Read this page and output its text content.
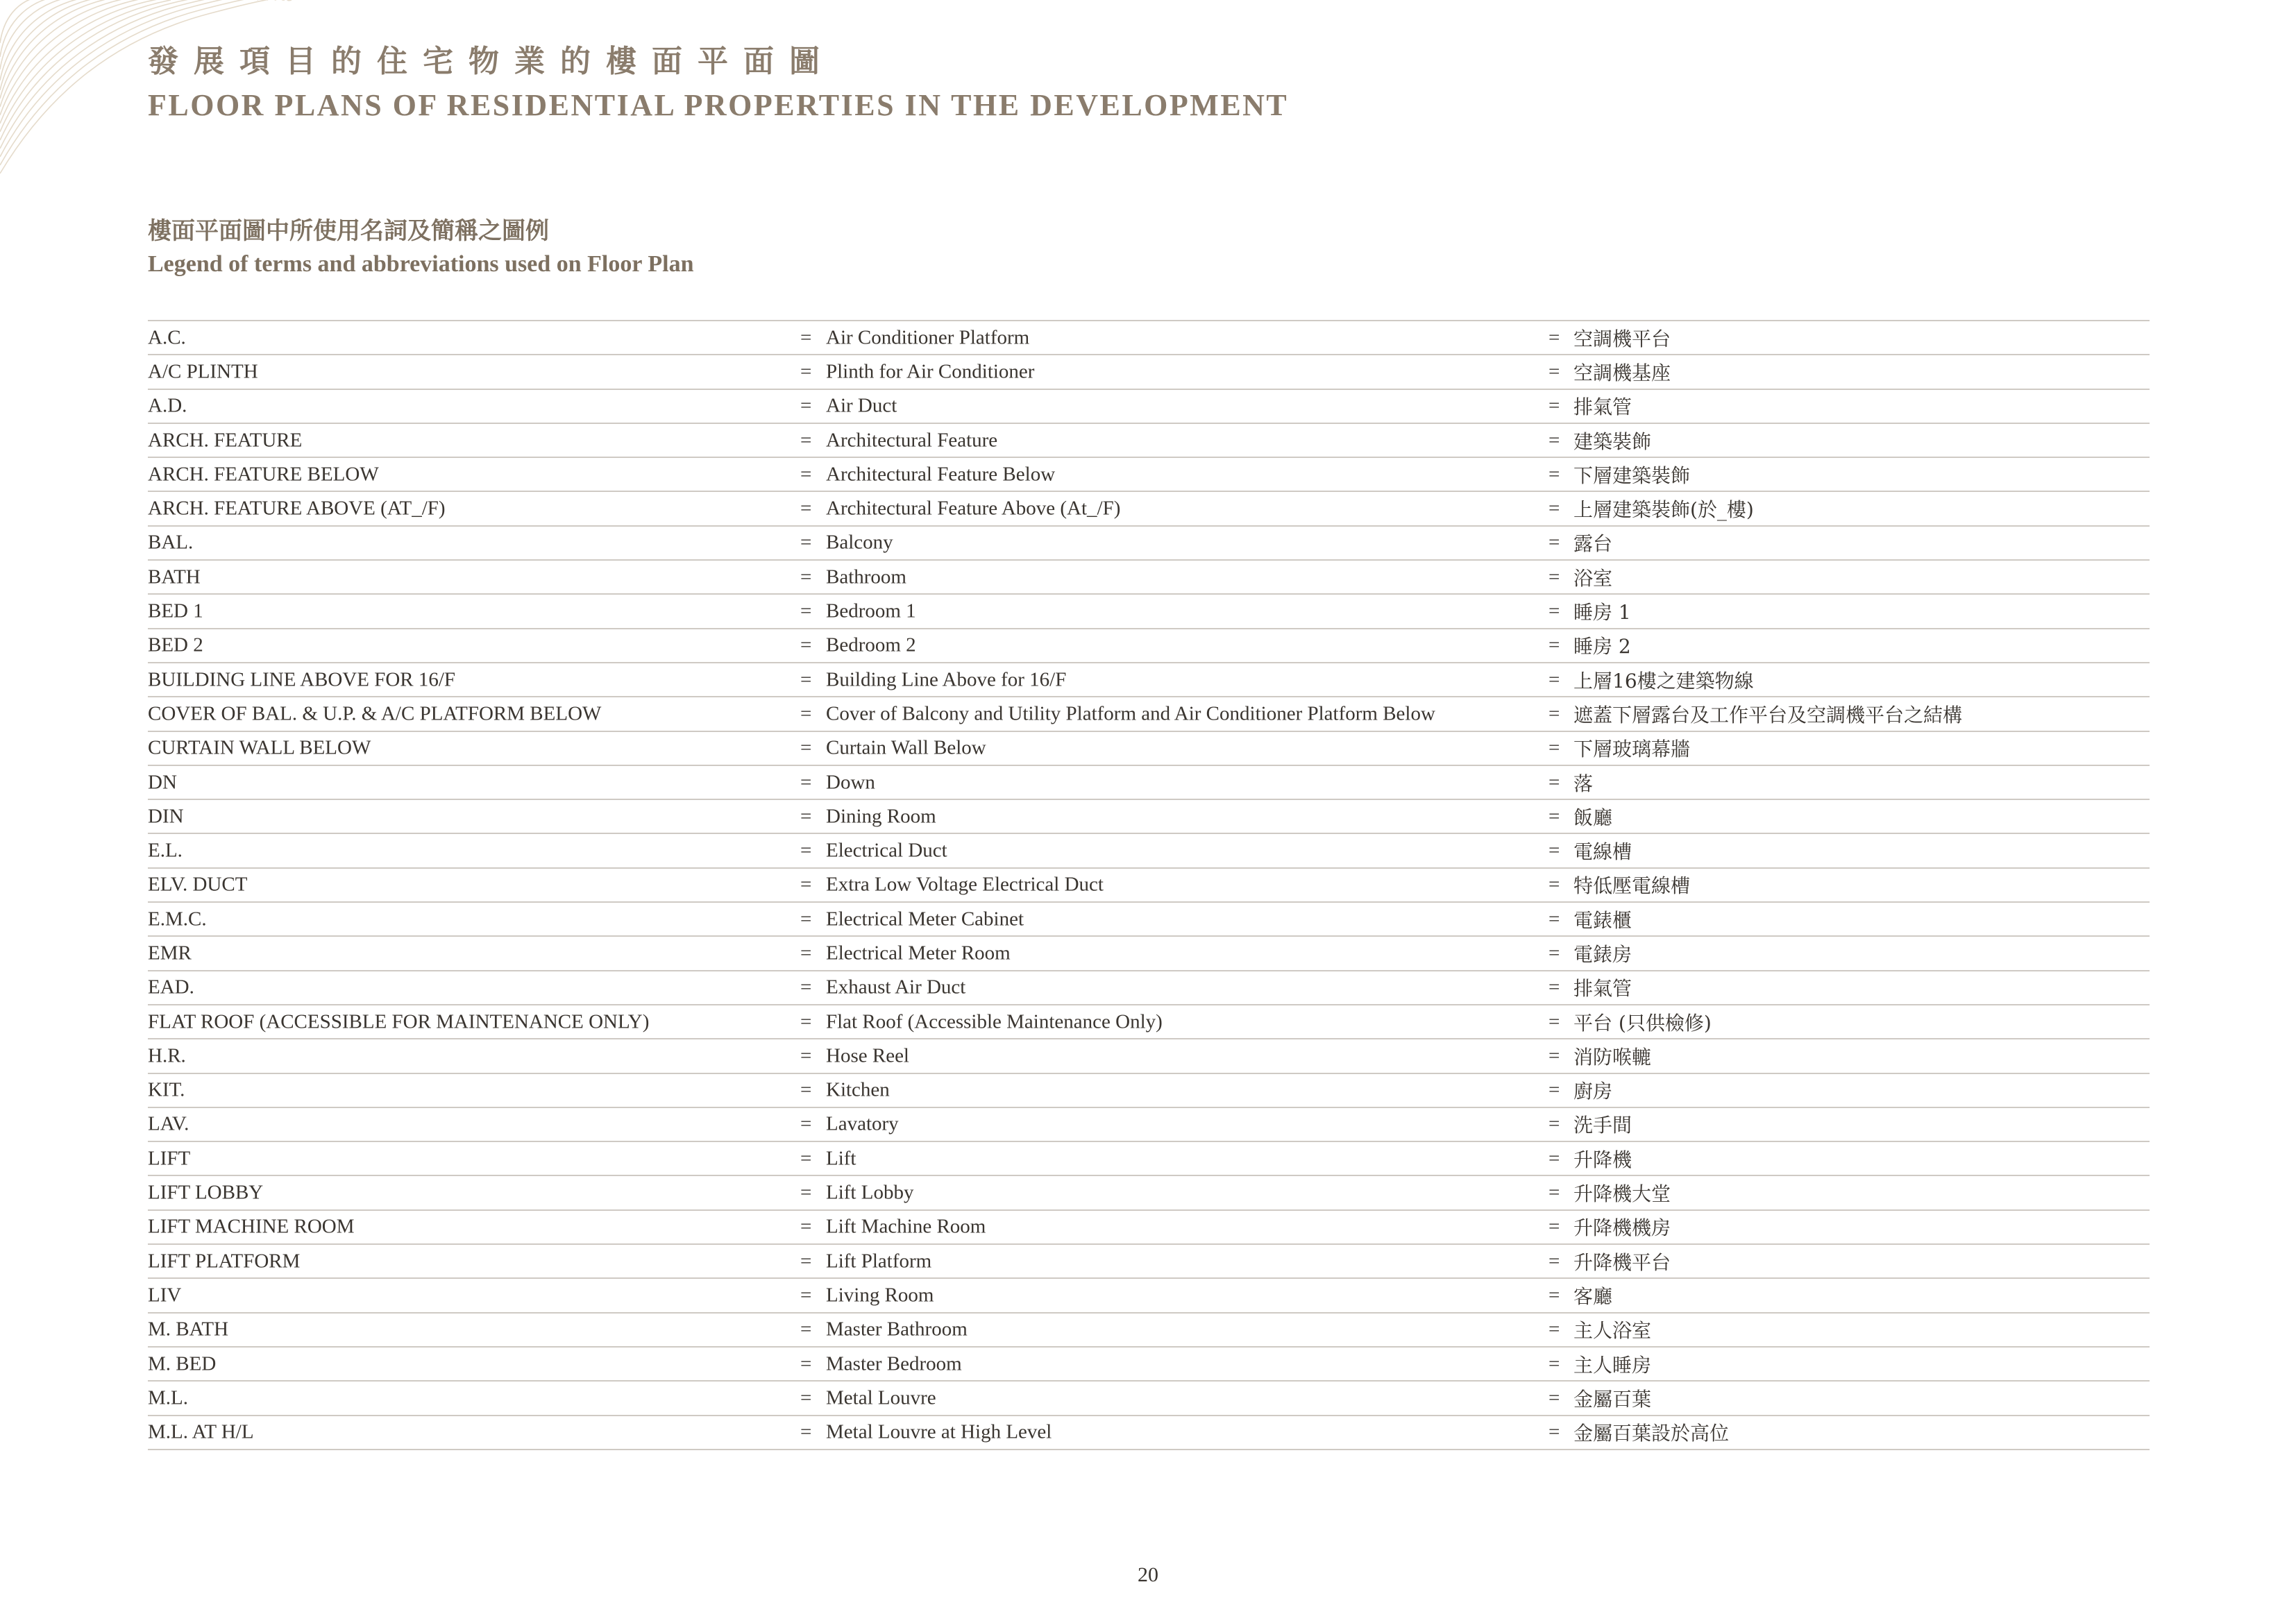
發展項目的住宅物業的樓面平面圖
FLOOR PLANS OF RESIDENTIAL PROPERTIES IN THE DEVELOPMENT
樓面平面圖中所使用名詞及簡稱之圖例
Legend of terms and abbreviations used on Floor Plan
A.C.	= Air Conditioner Platform	= 空調機平台
A/C PLINTH	= Plinth for Air Conditioner	= 空調機基座
A.D.	= Air Duct	= 排氣管
ARCH. FEATURE	= Architectural Feature	= 建築裝飾
ARCH. FEATURE BELOW	= Architectural Feature Below	= 下層建築裝飾
ARCH. FEATURE ABOVE (AT_/F)	= Architectural Feature Above (At_/F)	= 上層建築裝飾(於_樓)
BAL.	= Balcony	= 露台
BATH	= Bathroom	= 浴室
BED 1	= Bedroom 1	= 睡房 1
BED 2	= Bedroom 2	= 睡房 2
BUILDING LINE ABOVE FOR 16/F	= Building Line Above for 16/F	= 上層16樓之建築物線
COVER OF BAL. & U.P. & A/C PLATFORM BELOW	= Cover of Balcony and Utility Platform and Air Conditioner Platform Below	= 遮蓋下層露台及工作平台及空調機平台之結構
CURTAIN WALL BELOW	= Curtain Wall Below	= 下層玻璃幕牆
DN	= Down	= 落
DIN	= Dining Room	= 飯廳
E.L.	= Electrical Duct	= 電線槽
ELV. DUCT	= Extra Low Voltage Electrical Duct	= 特低壓電線槽
E.M.C.	= Electrical Meter Cabinet	= 電錶櫃
EMR	= Electrical Meter Room	= 電錶房
EAD.	= Exhaust Air Duct	= 排氣管
FLAT ROOF (ACCESSIBLE FOR MAINTENANCE ONLY)	= Flat Roof (Accessible Maintenance Only)	= 平台 (只供檢修)
H.R.	= Hose Reel	= 消防喉轆
KIT.	= Kitchen	= 廚房
LAV.	= Lavatory	= 洗手間
LIFT	= Lift	= 升降機
LIFT LOBBY	= Lift Lobby	= 升降機大堂
LIFT MACHINE ROOM	= Lift Machine Room	= 升降機機房
LIFT PLATFORM	= Lift Platform	= 升降機平台
LIV	= Living Room	= 客廳
M. BATH	= Master Bathroom	= 主人浴室
M. BED	= Master Bedroom	= 主人睡房
M.L.	= Metal Louvre	= 金屬百葉
M.L. AT H/L	= Metal Louvre at High Level	= 金屬百葉設於高位
20
